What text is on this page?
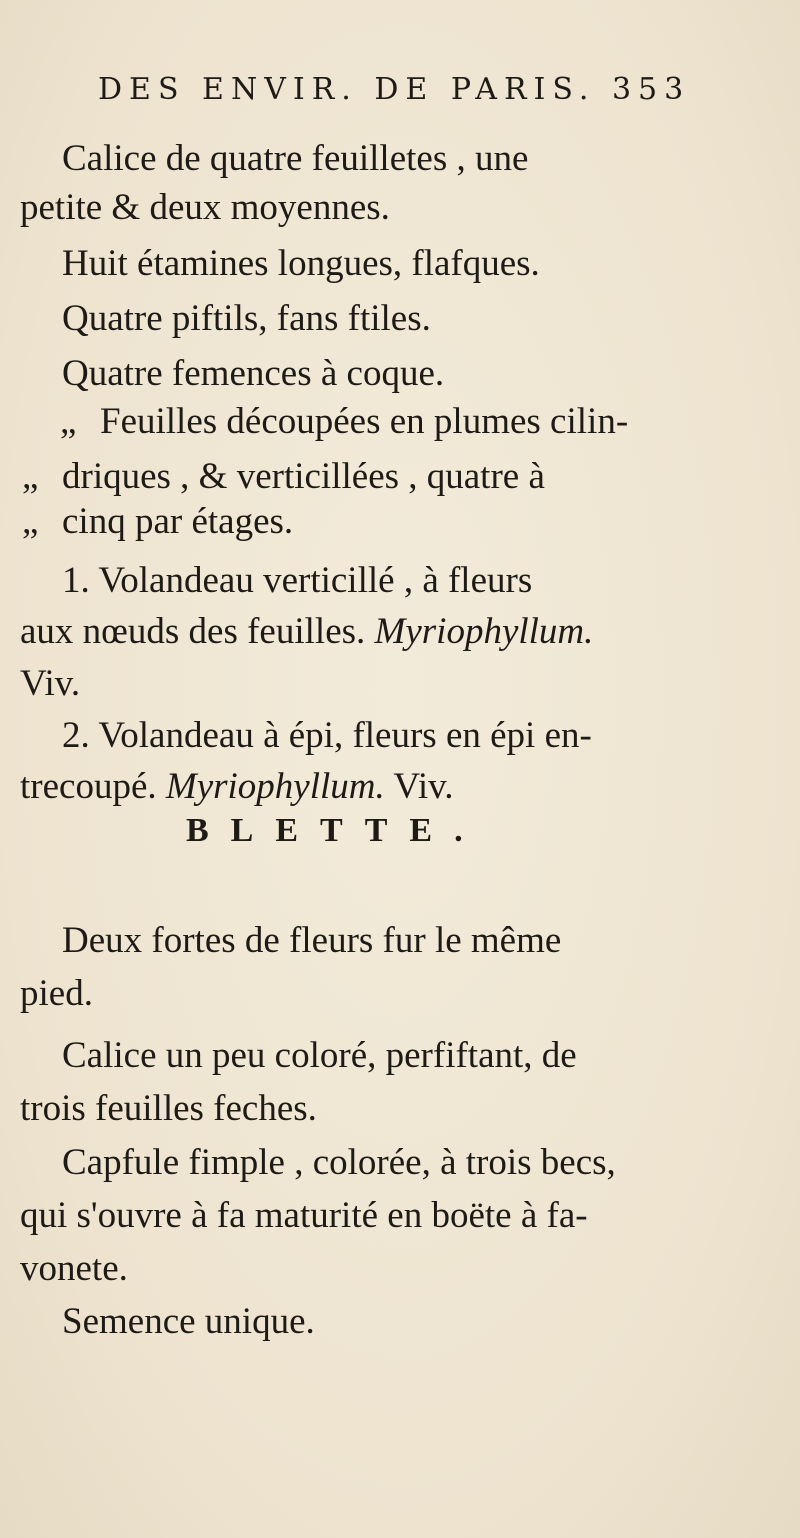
DES ENVIR. DE PARIS. 353
Calice de quatre feuilletes , une
petite & deux moyennes.
Huit étamines longues, flafques.
Quatre piftils, fans ftiles.
Quatre femences à coque.
„ Feuilles découpées en plumes cilin-
„ driques , & verticillées , quatre à
„ cinq par étages.
1. Volandeau verticillé , à fleurs
aux nœuds des feuilles. Myriophyllum.
Viv.
2. Volandeau à épi, fleurs en épi en-
trecoupé. Myriophyllum. Viv.
BLETTE.
Deux fortes de fleurs fur le même
pied.
Calice un peu coloré, perfiftant, de
trois feuilles feches.
Capfule fimple , colorée, à trois becs,
qui s'ouvre à fa maturité en boëte à fa-
vonete.
Semence unique.
